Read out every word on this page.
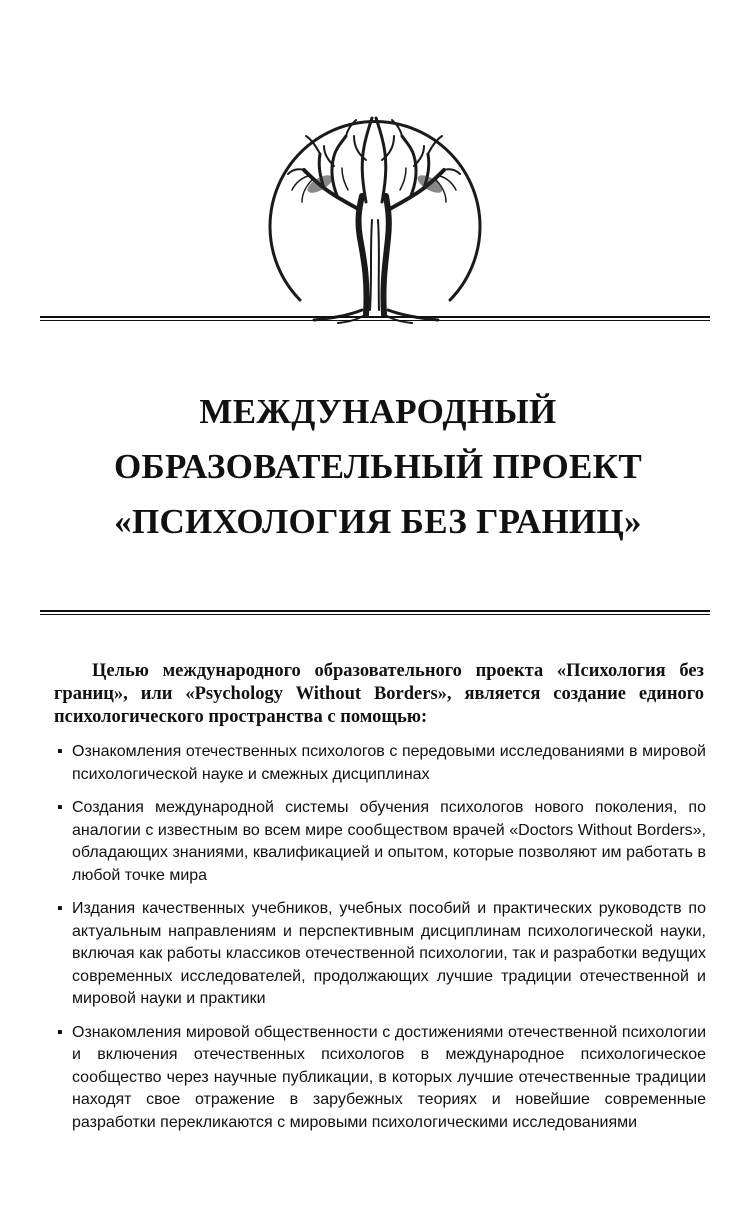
МЕЖДУНАРОДНЫЙ
ОБРАЗОВАТЕЛЬНЫЙ ПРОЕКТ
«ПСИХОЛОГИЯ БЕЗ ГРАНИЦ»

Целью международного образовательного проекта «Психология без границ», или «Psychology Without Borders», является создание единого психологического пространства с помощью:

▪ Ознакомления отечественных психологов с передовыми исследованиями в мировой психологической науке и смежных дисциплинах
▪ Создания международной системы обучения психологов нового поколения, по аналогии с известным во всем мире сообществом врачей «Doctors Without Borders», обладающих знаниями, квалификацией и опытом, которые позволяют им работать в любой точке мира
▪ Издания качественных учебников, учебных пособий и практических руководств по актуальным направлениям и перспективным дисциплинам психологической науки, включая как работы классиков отечественной психологии, так и разработки ведущих современных исследователей, продолжающих лучшие традиции отечественной и мировой науки и практики
▪ Ознакомления мировой общественности с достижениями отечественной психологии и включения отечественных психологов в международное психологическое сообщество через научные публикации, в которых лучшие отечественные традиции находят свое отражение в зарубежных теориях и новейшие современные разработки перекликаются с мировыми психологическими исследованиями
